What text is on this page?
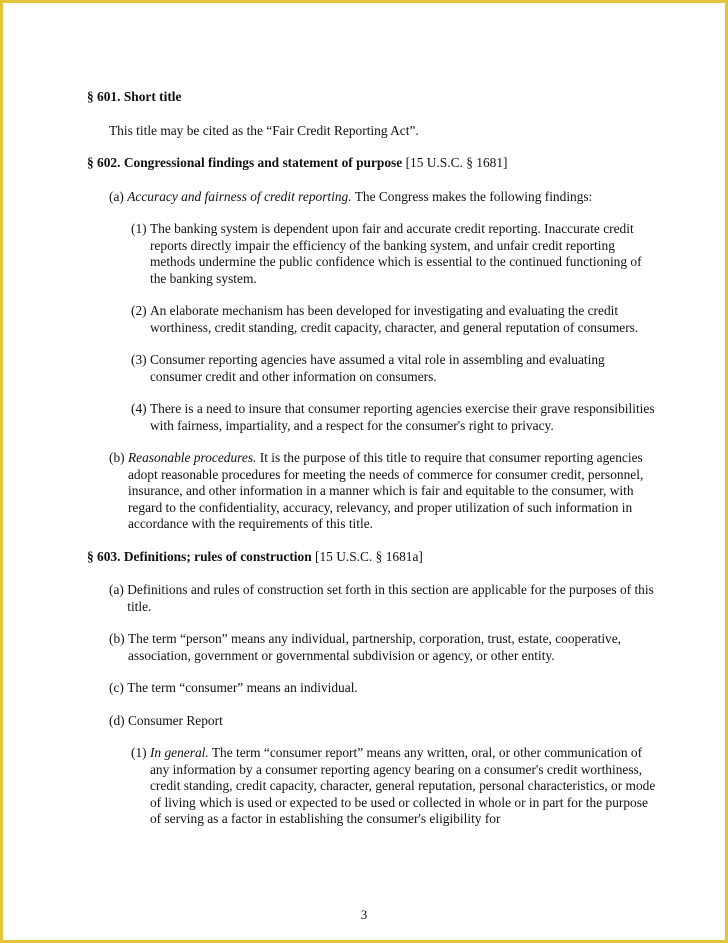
§ 601. Short title

This title may be cited as the “Fair Credit Reporting Act”.

§ 602. Congressional findings and statement of purpose [15 U.S.C. § 1681]
(a) Accuracy and fairness of credit reporting. The Congress makes the following findings:
(1) The banking system is dependent upon fair and accurate credit reporting. Inaccurate credit reports directly impair the efficiency of the banking system, and unfair credit reporting methods undermine the public confidence which is essential to the continued functioning of the banking system.
(2) An elaborate mechanism has been developed for investigating and evaluating the credit worthiness, credit standing, credit capacity, character, and general reputation of consumers.
(3) Consumer reporting agencies have assumed a vital role in assembling and evaluating consumer credit and other information on consumers.
(4) There is a need to insure that consumer reporting agencies exercise their grave responsibilities with fairness, impartiality, and a respect for the consumer's right to privacy.
(b) Reasonable procedures. It is the purpose of this title to require that consumer reporting agencies adopt reasonable procedures for meeting the needs of commerce for consumer credit, personnel, insurance, and other information in a manner which is fair and equitable to the consumer, with regard to the confidentiality, accuracy, relevancy, and proper utilization of such information in accordance with the requirements of this title.
§ 603. Definitions; rules of construction [15 U.S.C. § 1681a]
(a) Definitions and rules of construction set forth in this section are applicable for the purposes of this title.
(b) The term “person” means any individual, partnership, corporation, trust, estate, cooperative, association, government or governmental subdivision or agency, or other entity.
(c) The term “consumer” means an individual.
(d) Consumer Report
(1) In general. The term “consumer report” means any written, oral, or other communication of any information by a consumer reporting agency bearing on a consumer's credit worthiness, credit standing, credit capacity, character, general reputation, personal characteristics, or mode of living which is used or expected to be used or collected in whole or in part for the purpose of serving as a factor in establishing the consumer's eligibility for
3
